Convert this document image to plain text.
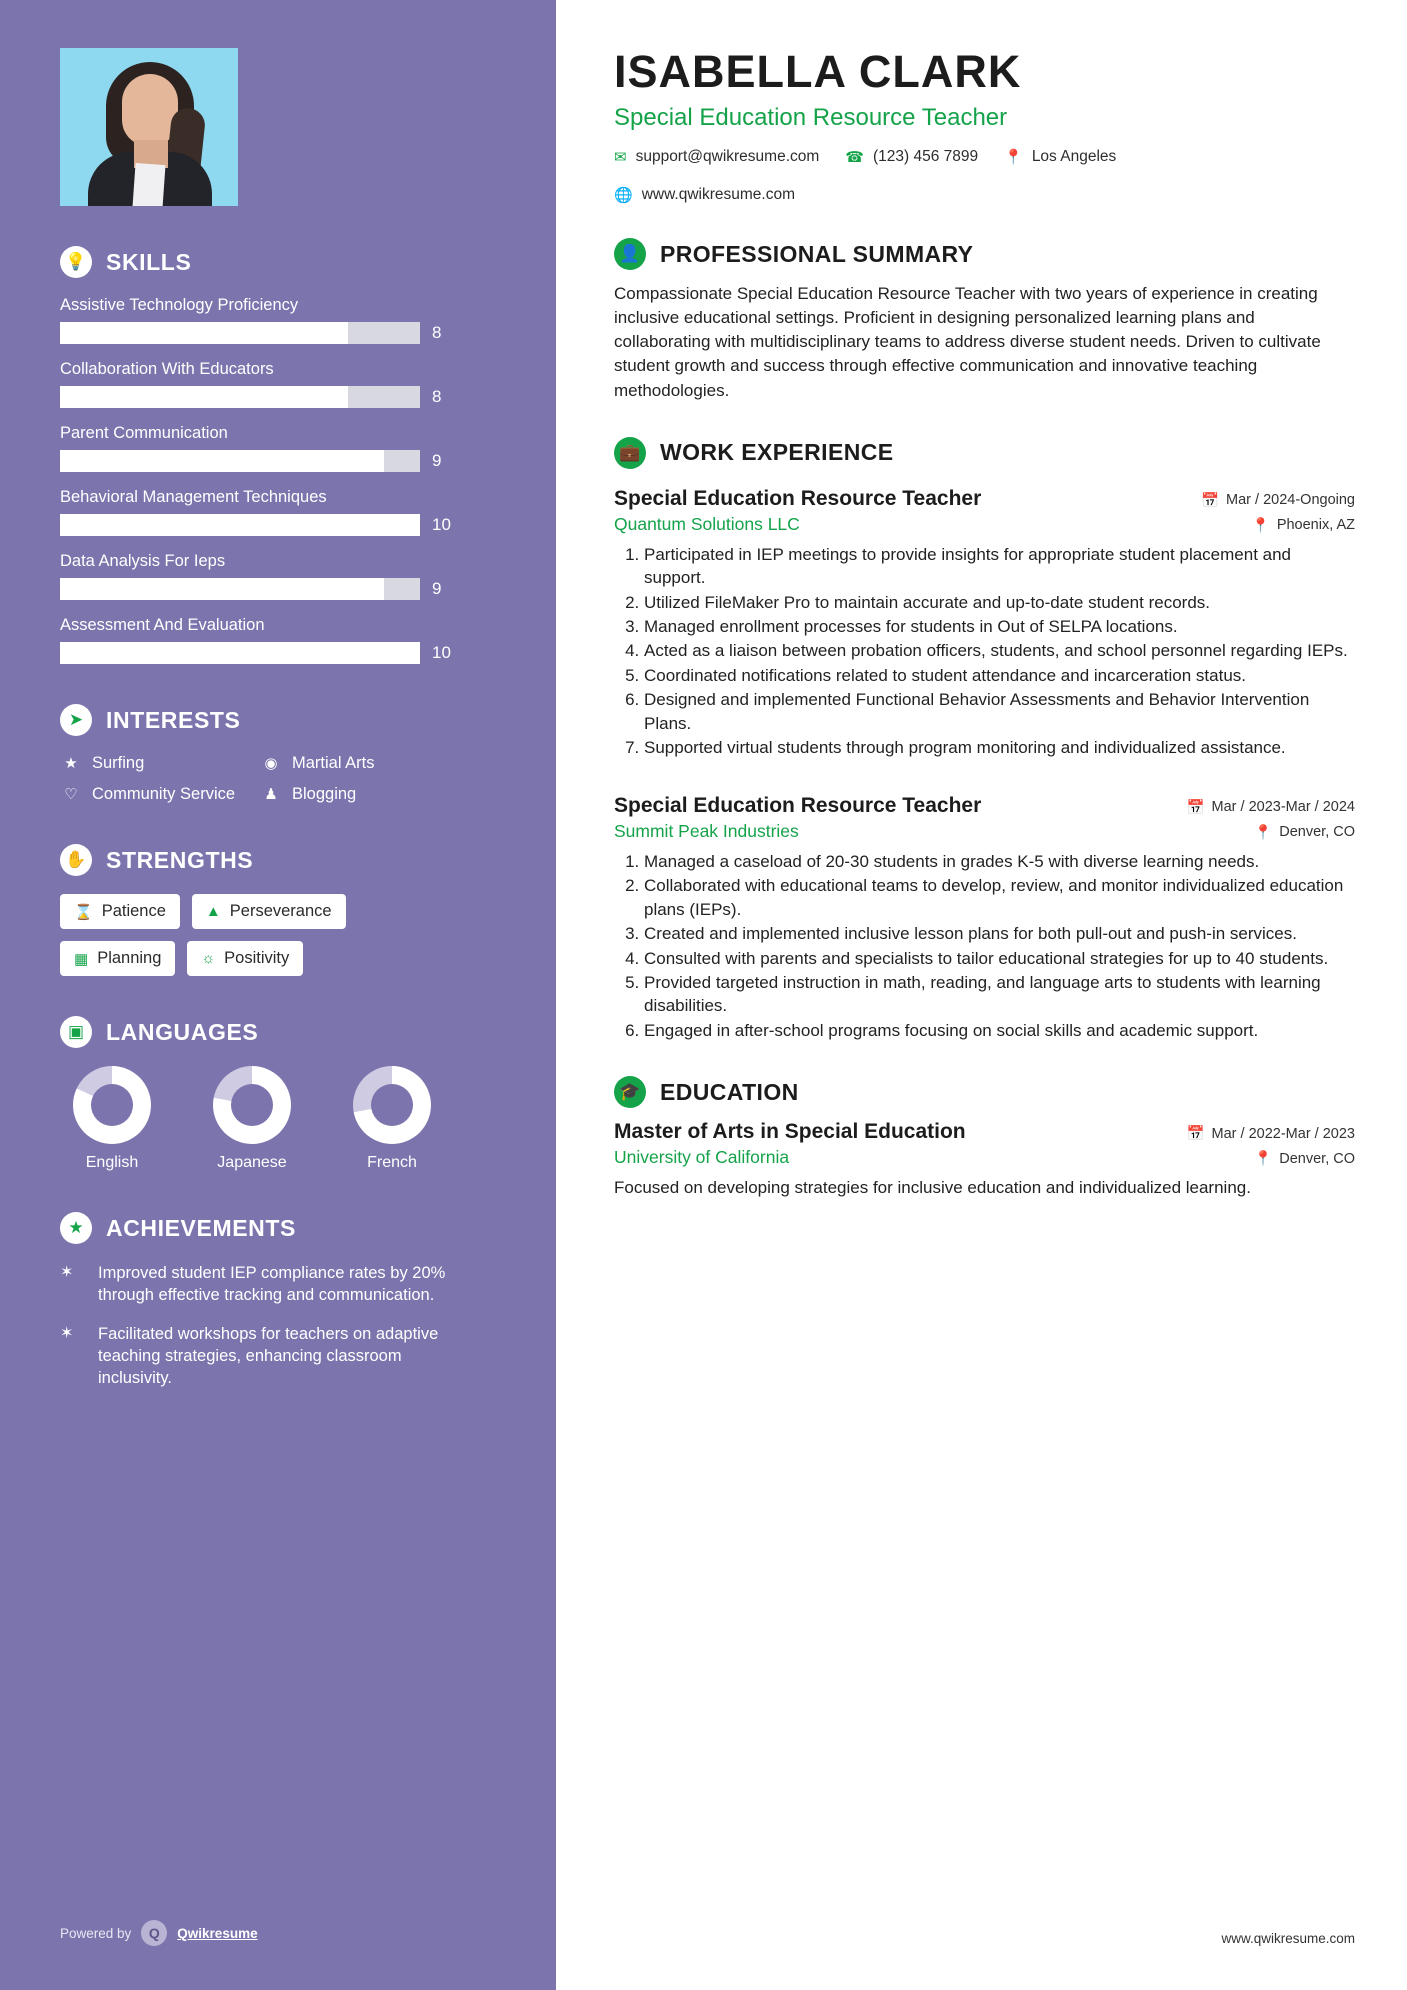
💡 SKILLS
Assistive Technology Proficiency
8
Collaboration With Educators
8
Parent Communication
9
Behavioral Management Techniques
10
Data Analysis For Ieps
9
Assessment And Evaluation
10
➤ INTERESTS
★ Surfing	◉ Martial Arts
♡ Community Service ♟ Blogging
✋ STRENGTHS
⌛ Patience	▲ Perseverance
▦ Planning	☼ Positivity
▣ LANGUAGES
English	Japanese	French
★ ACHIEVEMENTS
✶	Improved student IEP compliance rates by 20% through effective tracking and communication.
✶	Facilitated workshops for teachers on adaptive teaching strategies, enhancing classroom inclusivity.
Powered by	Q	Qwikresume
ISABELLA CLARK
Special Education Resource Teacher
✉ support@qwikresume.com ☎ (123) 456 7899 📍 Los Angeles
🌐 www.qwikresume.com
👤 PROFESSIONAL SUMMARY

Compassionate Special Education Resource Teacher with two years of experience in creating inclusive educational settings. Proficient in designing personalized learning plans and collaborating with multidisciplinary teams to address diverse student needs. Driven to cultivate student growth and success through effective communication and innovative teaching methodologies.

💼 WORK EXPERIENCE
Special Education Resource Teacher	📅 Mar / 2024-Ongoing
Quantum Solutions LLC	📍 Phoenix, AZ
1. Participated in IEP meetings to provide insights for appropriate student placement and support.
2. Utilized FileMaker Pro to maintain accurate and up-to-date student records.
3. Managed enrollment processes for students in Out of SELPA locations.
4. Acted as a liaison between probation officers, students, and school personnel regarding IEPs.
5. Coordinated notifications related to student attendance and incarceration status.
6. Designed and implemented Functional Behavior Assessments and Behavior Intervention Plans.
7. Supported virtual students through program monitoring and individualized assistance.
Special Education Resource Teacher	📅 Mar / 2023-Mar / 2024
Summit Peak Industries	📍 Denver, CO
1. Managed a caseload of 20-30 students in grades K-5 with diverse learning needs.
2. Collaborated with educational teams to develop, review, and monitor individualized education plans (IEPs).
3. Created and implemented inclusive lesson plans for both pull-out and push-in services.
4. Consulted with parents and specialists to tailor educational strategies for up to 40 students.
5. Provided targeted instruction in math, reading, and language arts to students with learning disabilities.
6. Engaged in after-school programs focusing on social skills and academic support.
🎓 EDUCATION
Master of Arts in Special Education	📅 Mar / 2022-Mar / 2023
University of California	📍 Denver, CO

Focused on developing strategies for inclusive education and individualized learning.

www.qwikresume.com
